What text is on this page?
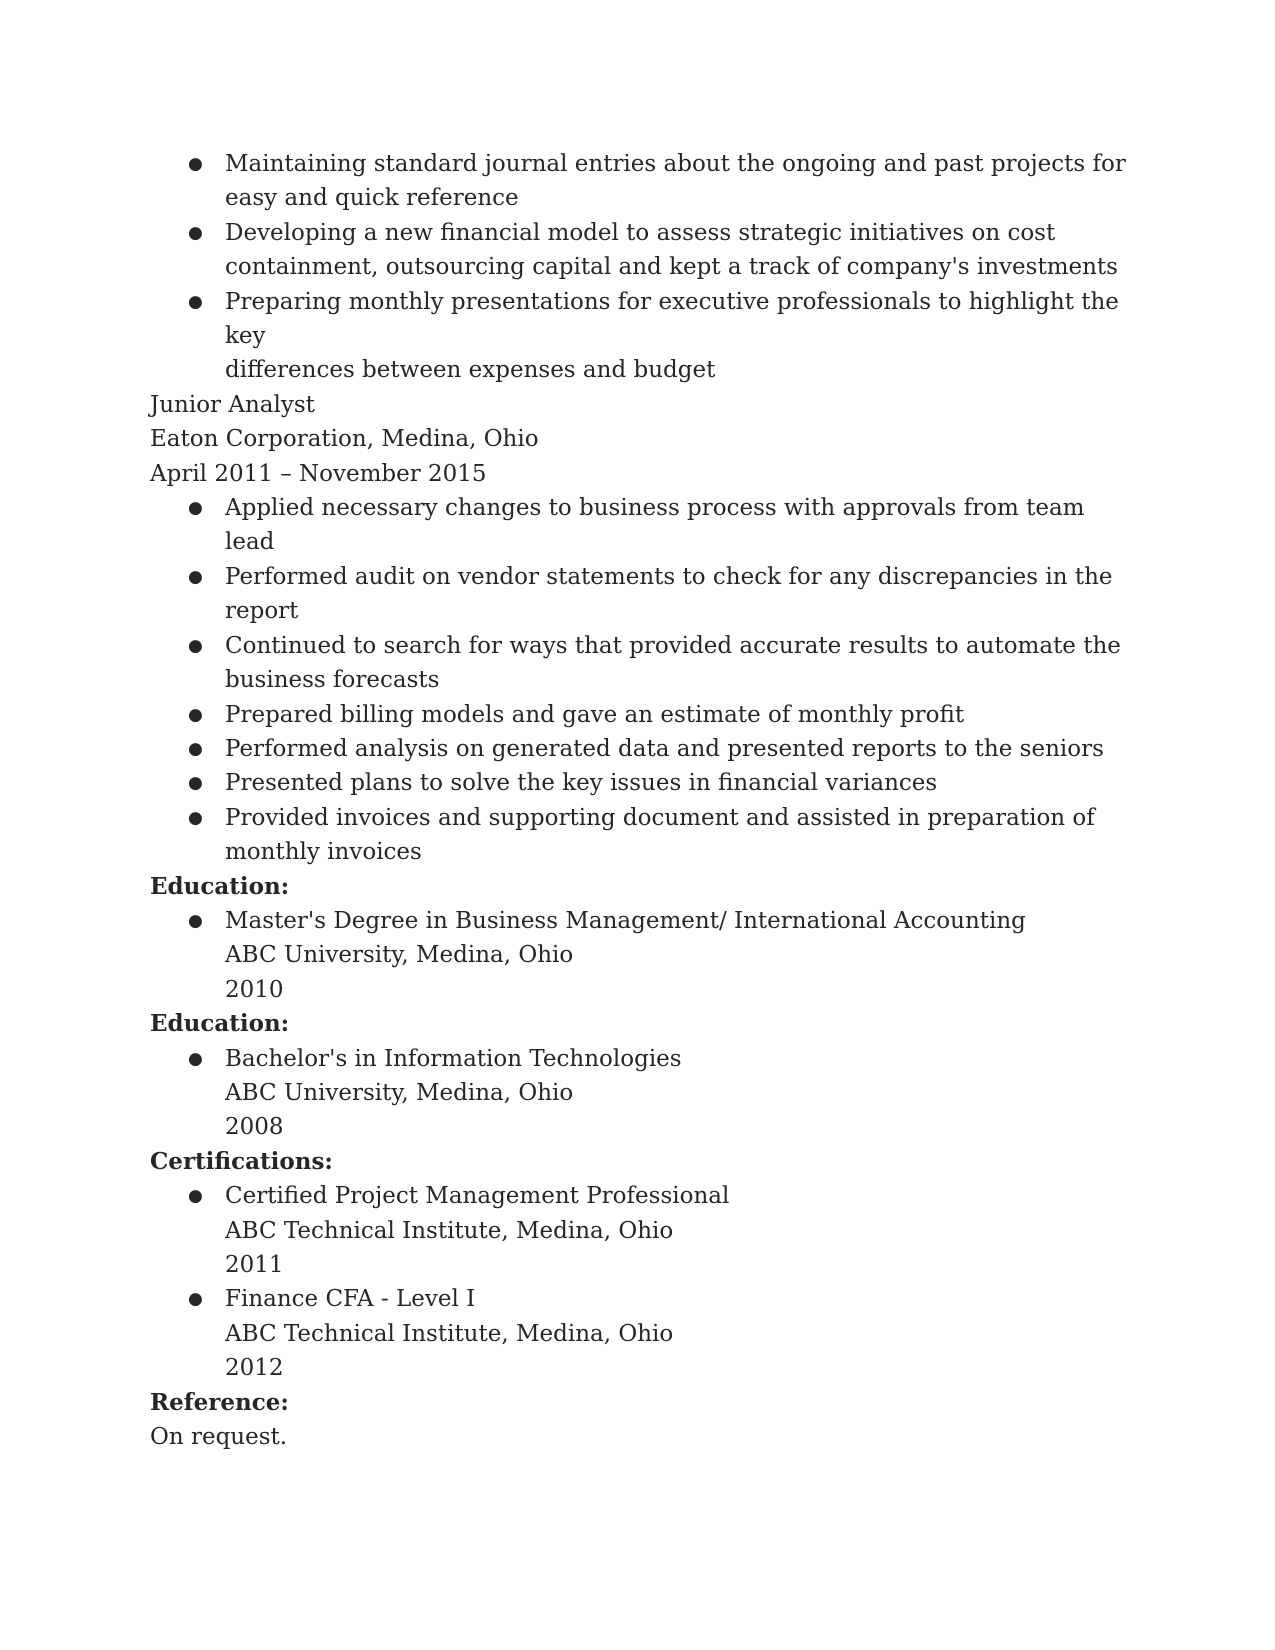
● Maintaining standard journal entries about the ongoing and past projects for
easy and quick reference
● Developing a new financial model to assess strategic initiatives on cost
containment, outsourcing capital and kept a track of company's investments
● Preparing monthly presentations for executive professionals to highlight the key
differences between expenses and budget
Junior Analyst
Eaton Corporation, Medina, Ohio
April 2011 – November 2015
● Applied necessary changes to business process with approvals from team lead
● Performed audit on vendor statements to check for any discrepancies in the
report
● Continued to search for ways that provided accurate results to automate the
business forecasts
● Prepared billing models and gave an estimate of monthly profit
● Performed analysis on generated data and presented reports to the seniors
● Presented plans to solve the key issues in financial variances
● Provided invoices and supporting document and assisted in preparation of
monthly invoices
Education:
● Master's Degree in Business Management/ International Accounting
ABC University, Medina, Ohio
2010
Education:
● Bachelor's in Information Technologies
ABC University, Medina, Ohio
2008
Certifications:
● Certified Project Management Professional
ABC Technical Institute, Medina, Ohio
2011
● Finance CFA - Level I
ABC Technical Institute, Medina, Ohio
2012
Reference:
On request.
